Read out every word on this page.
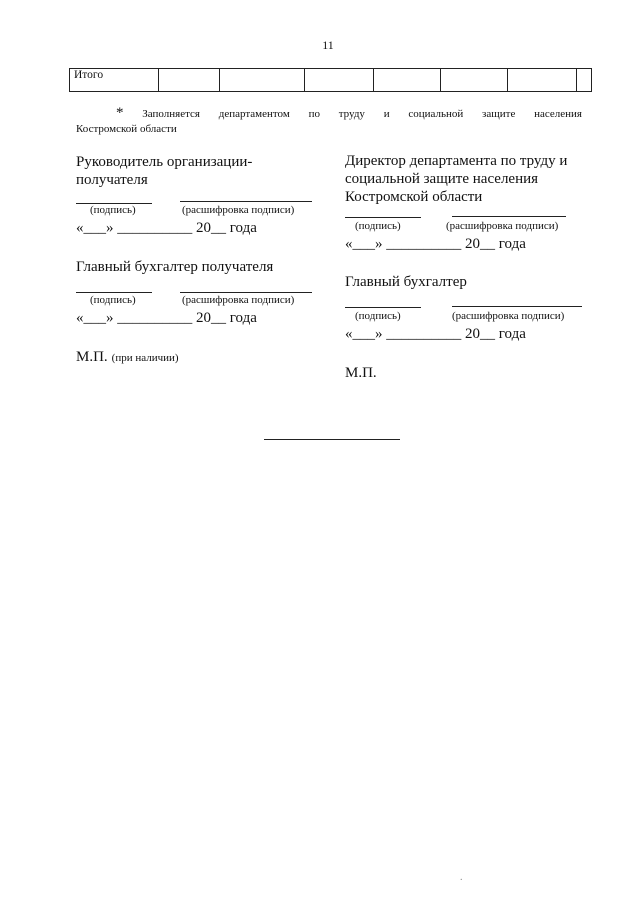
11
Итого							
* Заполняется департаментом по труду и социальной защите населения
Костромской области
Руководитель организации-
получателя
(подпись)	(расшифровка подписи)
«___» __________ 20__ года
Главный бухгалтер получателя
(подпись)	(расшифровка подписи)
«___» __________ 20__ года
М.П. (при наличии)
Директор департамента по труду и
социальной защите населения
Костромской области
(подпись)	(расшифровка подписи)
«___» __________ 20__ года
Главный бухгалтер
(подпись)	(расшифровка подписи)
«___» __________ 20__ года
М.П.
.
